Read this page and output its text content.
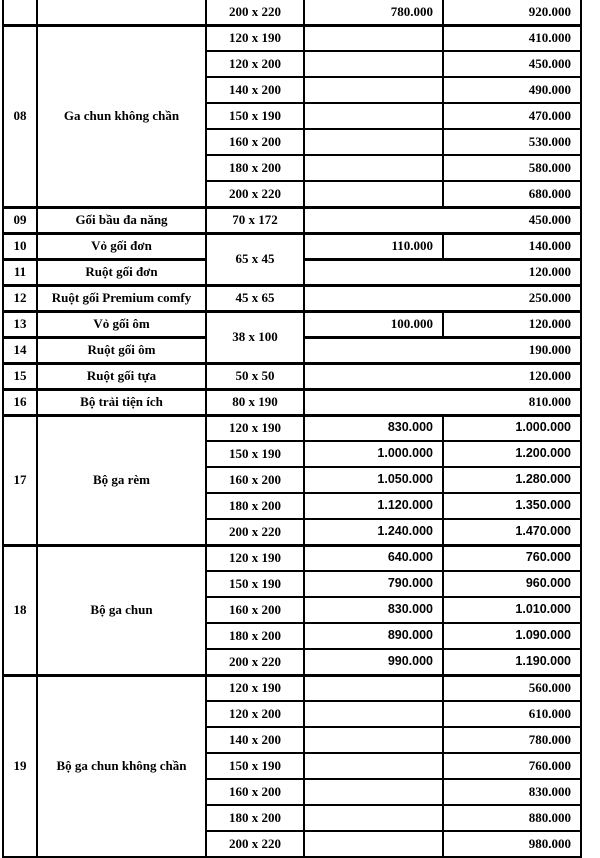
		200 x 220	780.000	920.000
08	Ga chun không chần	120 x 190		410.000
		120 x 200		450.000
		140 x 200		490.000
		150 x 190		470.000
		160 x 200		530.000
		180 x 200		580.000
		200 x 220		680.000
09	Gối bầu đa năng	70 x 172	450.000	
10	Vỏ gối đơn	65 x 45	110.000	140.000
11	Ruột gối đơn		120.000	
12	Ruột gối Premium comfy	45 x 65	250.000	
13	Vỏ gối ôm	38 x 100	100.000	120.000
14	Ruột gối ôm		190.000	
15	Ruột gối tựa	50 x 50	120.000	
16	Bộ trải tiện ích	80 x 190	810.000	
17	Bộ ga rèm	120 x 190	830.000	1.000.000
		150 x 190	1.000.000	1.200.000
		160 x 200	1.050.000	1.280.000
		180 x 200	1.120.000	1.350.000
		200 x 220	1.240.000	1.470.000
18	Bộ ga chun	120 x 190	640.000	760.000
		150 x 190	790.000	960.000
		160 x 200	830.000	1.010.000
		180 x 200	890.000	1.090.000
		200 x 220	990.000	1.190.000
19	Bộ ga chun không chần	120 x 190		560.000
		120 x 200		610.000
		140 x 200		780.000
		150 x 190		760.000
		160 x 200		830.000
		180 x 200		880.000
		200 x 220		980.000
